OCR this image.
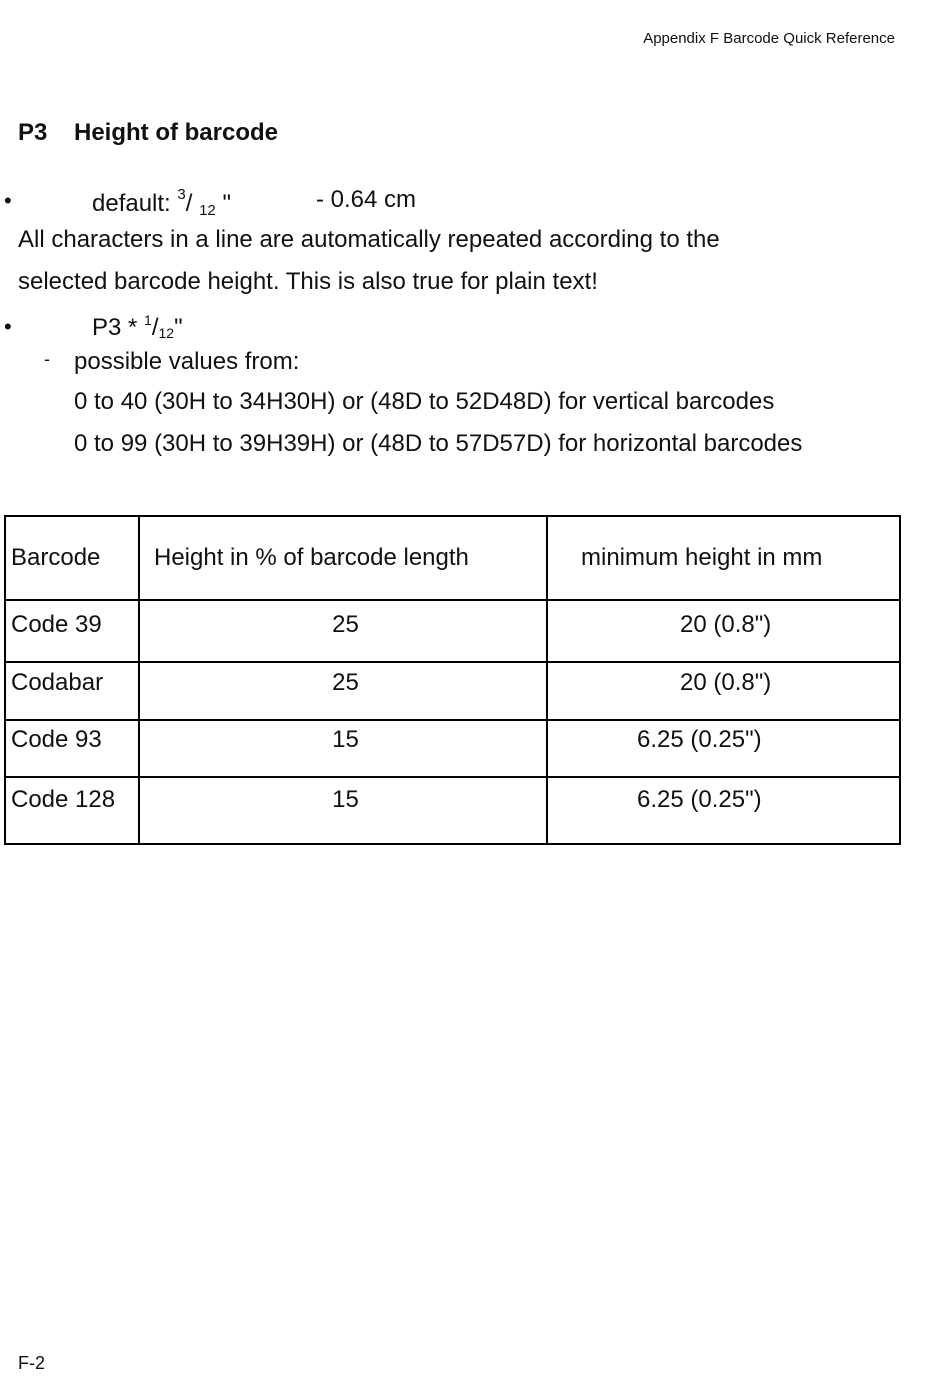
Appendix F Barcode Quick Reference
P3 Height of barcode
•	default: $^3$/ $_{12}$ "	- 0.64 cm
All characters in a line are automatically repeated according to the
selected barcode height. This is also true for plain text!
•	P3 * $^1$/12"
- possible values from:
0 to 40 (30H to 34H30H) or (48D to 52D48D) for vertical barcodes
0 to 99 (30H to 39H39H) or (48D to 57D57D) for horizontal barcodes
Barcode	Height in % of barcode length	minimum height in mm
Code 39	25	20 (0.8")
Codabar	25	20 (0.8")
Code 93	15	6.25 (0.25")
Code 128	15	6.25 (0.25")
F-2
